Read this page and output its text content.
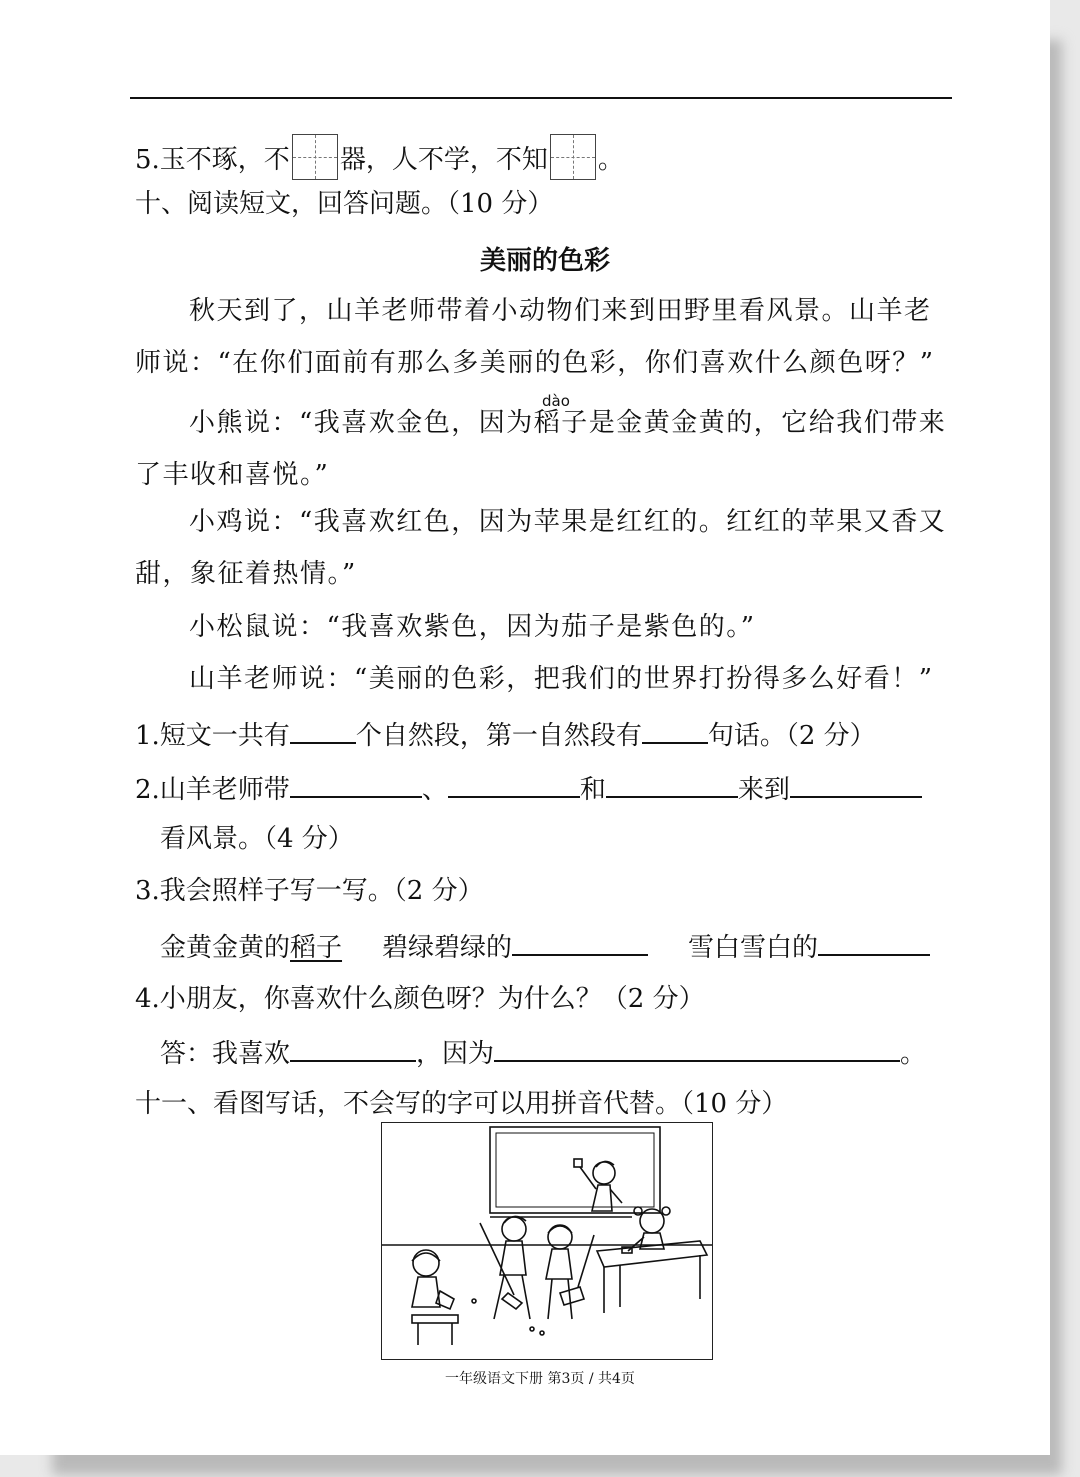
5.玉不琢，不 器，人不学，不知 。
十、阅读短文，回答问题。（10 分）
美丽的色彩
dào
秋天到了，山羊老师带着小动物们来到田野里看风景。山羊老师说：“在你们面前有那么多美丽的色彩，你们喜欢什么颜色呀？”
小熊说：“我喜欢金色，因为稻子是金黄金黄的，它给我们带来了丰收和喜悦。”
小鸡说：“我喜欢红色，因为苹果是红红的。红红的苹果又香又甜，象征着热情。”
小松鼠说：“我喜欢紫色，因为茄子是紫色的。”
山羊老师说：“美丽的色彩，把我们的世界打扮得多么好看！”
1.短文一共有	个自然段，第一自然段有	句话。（2 分）
2.山羊老师带	、	和	来到
看风景。（4 分）
3.我会照样子写一写。（2 分）
金黄金黄的稻子 碧绿碧绿的	雪白雪白的
4.小朋友，你喜欢什么颜色呀？为什么？（2 分）
答：我喜欢	，因为	。
十一、看图写话，不会写的字可以用拼音代替。（10 分）
一年级语文下册 第3页 / 共4页
